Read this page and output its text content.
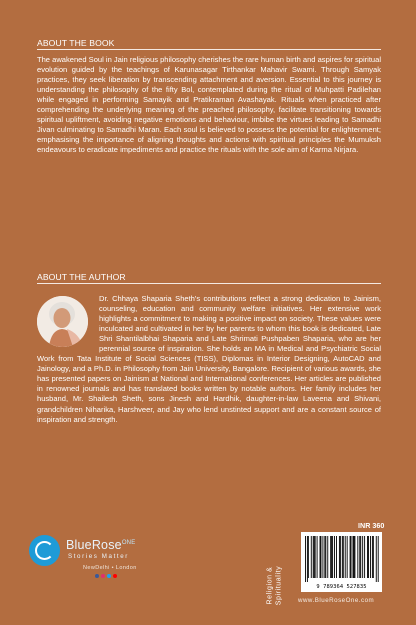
ABOUT THE BOOK
The awakened Soul in Jain religious philosophy cherishes the rare human birth and aspires for spiritual evolution guided by the teachings of Karunasagar Tirthankar Mahavir Swami. Through Samyak practices, they seek liberation by transcending attachment and aversion. Essential to this journey is understanding the philosophy of the fifty Bol, contemplated during the ritual of Muhpatti Padilehan while engaged in performing Samayik and Pratikraman Avashayak. Rituals when practiced after comprehending the underlying meaning of the preached philosophy, facilitate transitioning towards spiritual upliftment, avoiding negative emotions and behaviour, imbibe the virtues leading to Samadhi Jivan culminating to Samadhi Maran. Each soul is believed to possess the potential for enlightenment; emphasising the importance of aligning thoughts and actions with spiritual principles the Mumuksh endeavours to eradicate impediments and practice the rituals with the sole aim of Karma Nirjara.
ABOUT THE AUTHOR
Dr. Chhaya Shaparia Sheth's contributions reflect a strong dedication to Jainism, counseling, education and community welfare initiatives. Her extensive work highlights a commitment to making a positive impact on society. These values were inculcated and cultivated in her by her parents to whom this book is dedicated, Late Shri Shantilalbhai Shaparia and Late Shrimati Pushpaben Shaparia, who are her perennial source of inspiration. She holds an MA in Medical and Psychiatric Social Work from Tata Institute of Social Sciences (TISS), Diplomas in Interior Designing, AutoCAD and Jainology, and a Ph.D. in Philosophy from Jain University, Bangalore. Recipient of various awards, she has presented papers on Jainism at National and International conferences. Her articles are published in renowned journals and has translated books written by notable authors. Her family includes her husband, Mr. Shailesh Sheth, sons Jinesh and Hardhik, daughter-in-law Laveena and Shivani, grandchildren Niharika, Harshveer, and Jay who lend unstinted support and are a constant source of inspiration and strength.
BlueRose$^{ONE}$
Stories Matter
NewDelhi • London	Religion & Spirituality
INR 360
9 789364 527835
www.BlueRoseOne.com
